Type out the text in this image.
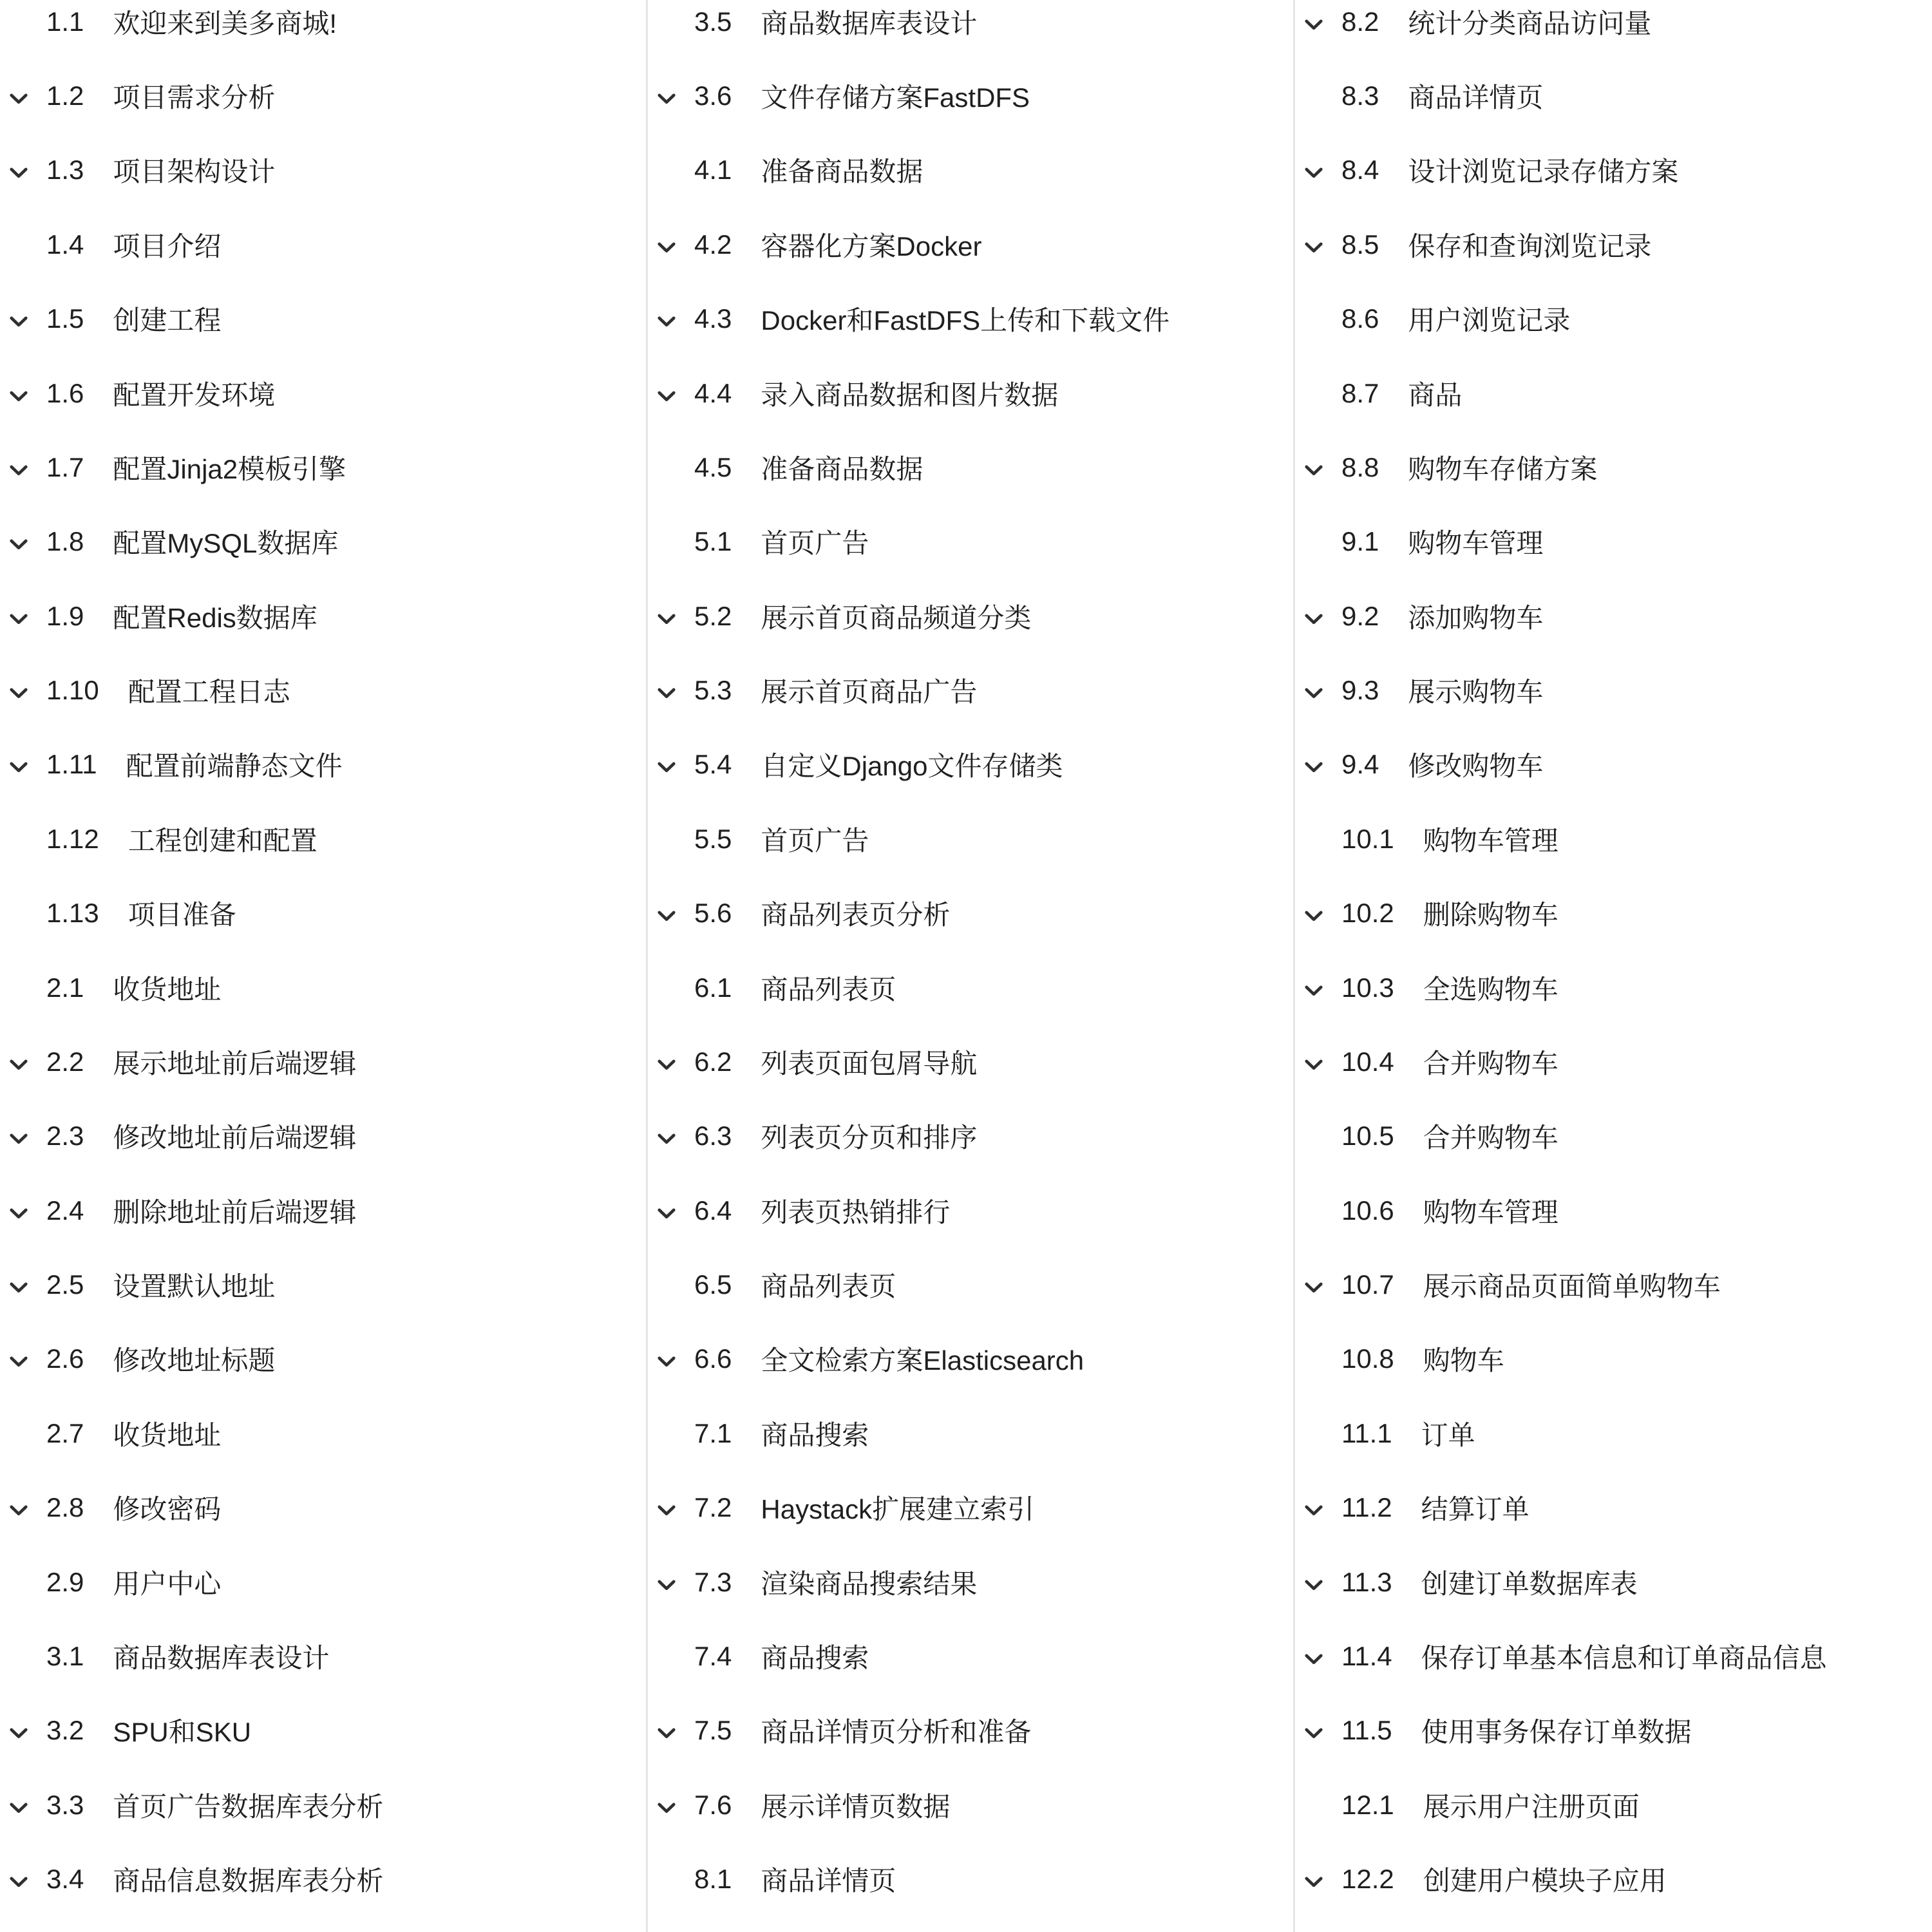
1.1 欢迎来到美多商城!
1.2 项目需求分析
1.3 项目架构设计
1.4 项目介绍
1.5 创建工程
1.6 配置开发环境
1.7 配置Jinja2模板引擎
1.8 配置MySQL数据库
1.9 配置Redis数据库
1.10 配置工程日志
1.11 配置前端静态文件
1.12 工程创建和配置
1.13 项目准备
2.1 收货地址
2.2 展示地址前后端逻辑
2.3 修改地址前后端逻辑
2.4 删除地址前后端逻辑
2.5 设置默认地址
2.6 修改地址标题
2.7 收货地址
2.8 修改密码
2.9 用户中心
3.1 商品数据库表设计
3.2 SPU和SKU
3.3 首页广告数据库表分析
3.4 商品信息数据库表分析
3.5 商品数据库表设计
3.6 文件存储方案FastDFS
4.1 准备商品数据
4.2 容器化方案Docker
4.3 Docker和FastDFS上传和下载文件
4.4 录入商品数据和图片数据
4.5 准备商品数据
5.1 首页广告
5.2 展示首页商品频道分类
5.3 展示首页商品广告
5.4 自定义Django文件存储类
5.5 首页广告
5.6 商品列表页分析
6.1 商品列表页
6.2 列表页面包屑导航
6.3 列表页分页和排序
6.4 列表页热销排行
6.5 商品列表页
6.6 全文检索方案Elasticsearch
7.1 商品搜索
7.2 Haystack扩展建立索引
7.3 渲染商品搜索结果
7.4 商品搜索
7.5 商品详情页分析和准备
7.6 展示详情页数据
8.1 商品详情页
8.2 统计分类商品访问量
8.3 商品详情页
8.4 设计浏览记录存储方案
8.5 保存和查询浏览记录
8.6 用户浏览记录
8.7 商品
8.8 购物车存储方案
9.1 购物车管理
9.2 添加购物车
9.3 展示购物车
9.4 修改购物车
10.1 购物车管理
10.2 删除购物车
10.3 全选购物车
10.4 合并购物车
10.5 合并购物车
10.6 购物车管理
10.7 展示商品页面简单购物车
10.8 购物车
11.1 订单
11.2 结算订单
11.3 创建订单数据库表
11.4 保存订单基本信息和订单商品信息
11.5 使用事务保存订单数据
12.1 展示用户注册页面
12.2 创建用户模块子应用
